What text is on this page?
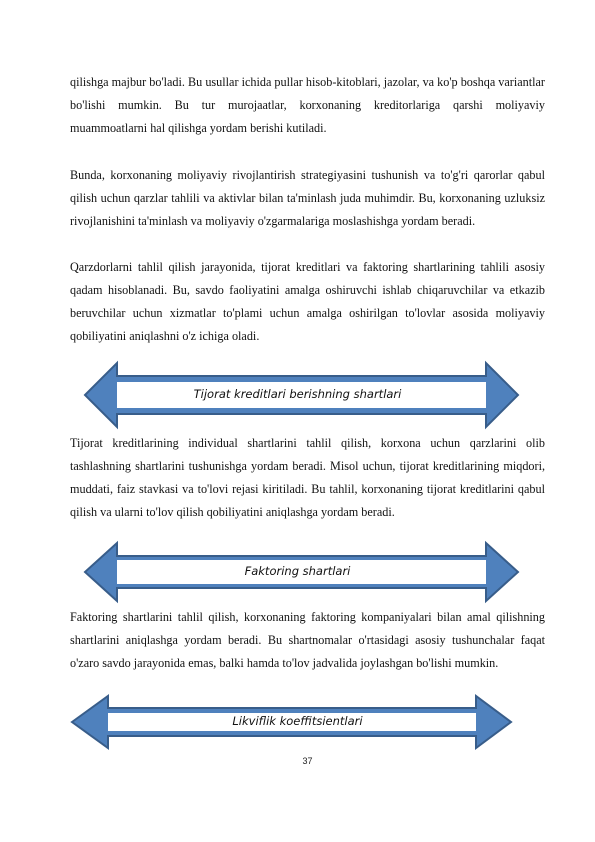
qilishga majbur bo'ladi. Bu usullar ichida pullar hisob-kitoblari, jazolar, va ko'p boshqa variantlar bo'lishi mumkin. Bu tur murojaatlar, korxonaning kreditorlariga qarshi moliyaviy muammoatlarni hal qilishga yordam berishi kutiladi.

Bunda, korxonaning moliyaviy rivojlantirish strategiyasini tushunish va to'g'ri qarorlar qabul qilish uchun qarzlar tahlili va aktivlar bilan ta'minlash juda muhimdir. Bu, korxonaning uzluksiz rivojlanishini ta'minlash va moliyaviy o'zgarmalariga moslashishga yordam beradi.

Qarzdorlarni tahlil qilish jarayonida, tijorat kreditlari va faktoring shartlarining tahlili asosiy qadam hisoblanadi. Bu, savdo faoliyatini amalga oshiruvchi ishlab chiqaruvchilar va etkazib beruvchilar uchun xizmatlar to'plami uchun amalga oshirilgan to'lovlar asosida moliyaviy qobiliyatini aniqlashni o'z ichiga oladi.

Tijorat kreditlari berishning shartlari

Tijorat kreditlarining individual shartlarini tahlil qilish, korxona uchun qarzlarini olib tashlashning shartlarini tushunishga yordam beradi. Misol uchun, tijorat kreditlarining miqdori, muddati, faiz stavkasi va to'lovi rejasi kiritiladi. Bu tahlil, korxonaning tijorat kreditlarini qabul qilish va ularni to'lov qilish qobiliyatini aniqlashga yordam beradi.

Faktoring shartlari

Faktoring shartlarini tahlil qilish, korxonaning faktoring kompaniyalari bilan amal qilishning shartlarini aniqlashga yordam beradi. Bu shartnomalar o'rtasidagi asosiy tushunchalar faqat o'zaro savdo jarayonida emas, balki hamda to'lov jadvalida joylashgan bo'lishi mumkin.

Likviflik koeffitsientlari
37
